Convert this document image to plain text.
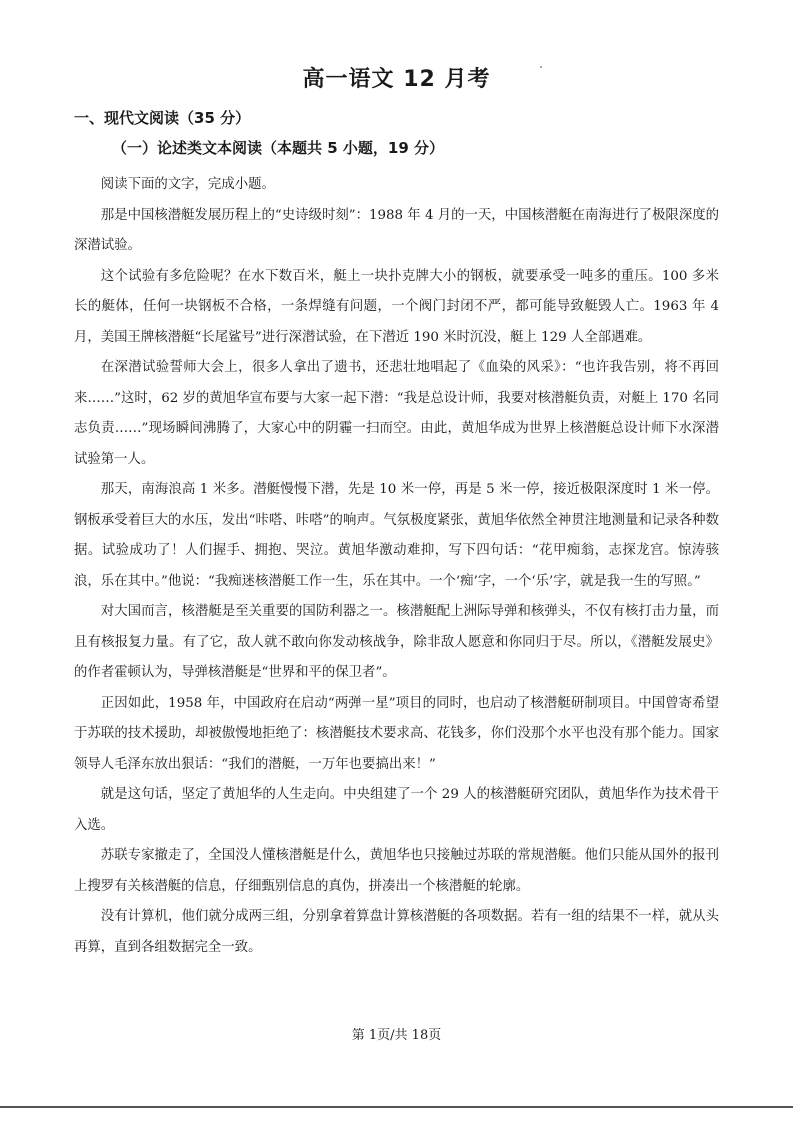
高一语文 12 月考
一、现代文阅读（35 分）
（一）论述类文本阅读（本题共 5 小题，19 分）

阅读下面的文字，完成小题。

那是中国核潜艇发展历程上的“史诗级时刻”：1988 年 4 月的一天，中国核潜艇在南海进行了极限深度的深潜试验。

这个试验有多危险呢？在水下数百米，艇上一块扑克牌大小的钢板，就要承受一吨多的重压。100 多米长的艇体，任何一块钢板不合格，一条焊缝有问题，一个阀门封闭不严，都可能导致艇毁人亡。1963 年 4 月，美国王牌核潜艇“长尾鲨号”进行深潜试验，在下潜近 190 米时沉没，艇上 129 人全部遇难。

在深潜试验誓师大会上，很多人拿出了遗书，还悲壮地唱起了《血染的风采》：“也许我告别，将不再回来……”这时，62 岁的黄旭华宣布要与大家一起下潜：“我是总设计师，我要对核潜艇负责，对艇上 170 名同志负责……”现场瞬间沸腾了，大家心中的阴霾一扫而空。由此，黄旭华成为世界上核潜艇总设计师下水深潜试验第一人。

那天，南海浪高 1 米多。潜艇慢慢下潜，先是 10 米一停，再是 5 米一停，接近极限深度时 1 米一停。钢板承受着巨大的水压，发出“咔嗒、咔嗒”的响声。气氛极度紧张，黄旭华依然全神贯注地测量和记录各种数据。试验成功了！人们握手、拥抱、哭泣。黄旭华激动难抑，写下四句话：“花甲痴翁，志探龙宫。惊涛骇浪，乐在其中。”他说：“我痴迷核潜艇工作一生，乐在其中。一个‘痴’字，一个‘乐’字，就是我一生的写照。”

对大国而言，核潜艇是至关重要的国防利器之一。核潜艇配上洲际导弹和核弹头，不仅有核打击力量，而且有核报复力量。有了它，敌人就不敢向你发动核战争，除非敌人愿意和你同归于尽。所以，《潜艇发展史》的作者霍顿认为，导弹核潜艇是“世界和平的保卫者”。

正因如此，1958 年，中国政府在启动“两弹一星”项目的同时，也启动了核潜艇研制项目。中国曾寄希望于苏联的技术援助，却被傲慢地拒绝了：核潜艇技术要求高、花钱多，你们没那个水平也没有那个能力。国家领导人毛泽东放出狠话：“我们的潜艇，一万年也要搞出来！”

就是这句话，坚定了黄旭华的人生走向。中央组建了一个 29 人的核潜艇研究团队，黄旭华作为技术骨干入选。

苏联专家撤走了，全国没人懂核潜艇是什么，黄旭华也只接触过苏联的常规潜艇。他们只能从国外的报刊上搜罗有关核潜艇的信息，仔细甄别信息的真伪，拼凑出一个核潜艇的轮廓。

没有计算机，他们就分成两三组，分别拿着算盘计算核潜艇的各项数据。若有一组的结果不一样，就从头再算，直到各组数据完全一致。

第 1页/共 18页
